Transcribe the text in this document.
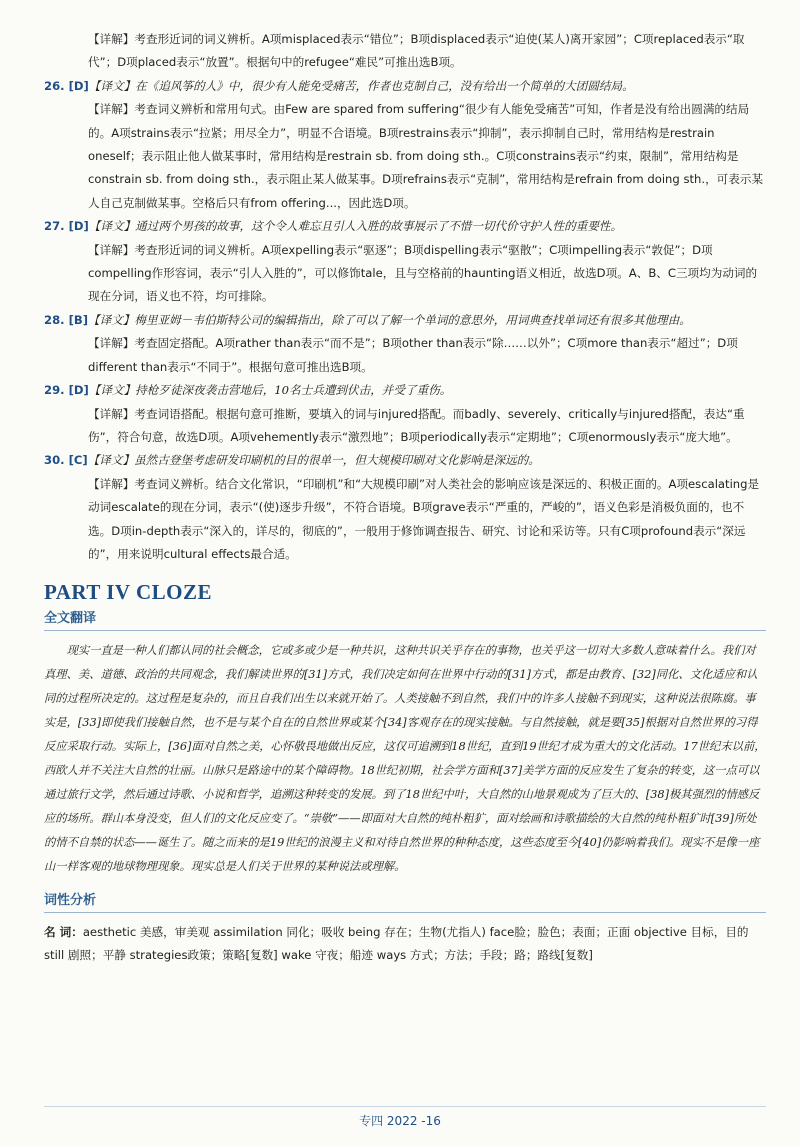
【详解】考查形近词的词义辨析。A项misplaced表示“错位”；B项displaced表示“迫使(某人)离开家园”；C项replaced表示“取代”；D项placed表示“放置”。根据句中的refugee“难民”可推出选B项。

26. [D]【译文】在《追风筝的人》中，很少有人能免受痛苦，作者也克制自己，没有给出一个简单的大团圆结局。

【详解】考查词义辨析和常用句式。由Few are spared from suffering“很少有人能免受痛苦”可知，作者是没有给出圆满的结局的。A项strains表示“拉紧；用尽全力”，明显不合语境。B项restrains表示“抑制”，表示抑制自己时，常用结构是restrain oneself；表示阻止他人做某事时，常用结构是restrain sb. from doing sth.。C项constrains表示“约束，限制”，常用结构是constrain sb. from doing sth.，表示阻止某人做某事。D项refrains表示“克制”，常用结构是refrain from doing sth.，可表示某人自己克制做某事。空格后只有from offering...，因此选D项。

27. [D]【译文】通过两个男孩的故事，这个令人难忘且引人入胜的故事展示了不惜一切代价守护人性的重要性。

【详解】考查形近词的词义辨析。A项expelling表示“驱逐”；B项dispelling表示“驱散”；C项impelling表示“敦促”；D项compelling作形容词，表示“引人入胜的”，可以修饰tale，且与空格前的haunting语义相近，故选D项。A、B、C三项均为动词的现在分词，语义也不符，均可排除。

28. [B]【译文】梅里亚姆－韦伯斯特公司的编辑指出，除了可以了解一个单词的意思外，用词典查找单词还有很多其他理由。

【详解】考查固定搭配。A项rather than表示“而不是”；B项other than表示“除……以外”；C项more than表示“超过”；D项different than表示“不同于”。根据句意可推出选B项。

29. [D]【译文】持枪歹徒深夜袭击营地后，10名士兵遭到伏击，并受了重伤。

【详解】考查词语搭配。根据句意可推断，要填入的词与injured搭配。而badly、severely、critically与injured搭配，表达“重伤”，符合句意，故选D项。A项vehemently表示“激烈地”；B项periodically表示“定期地”；C项enormously表示“庞大地”。

30. [C]【译文】虽然古登堡考虑研发印刷机的目的很单一，但大规模印刷对文化影响是深远的。

【详解】考查词义辨析。结合文化常识，“印刷机”和“大规模印刷”对人类社会的影响应该是深远的、积极正面的。A项escalating是动词escalate的现在分词，表示“(使)逐步升级”，不符合语境。B项grave表示“严重的，严峻的”，语义色彩是消极负面的，也不选。D项in-depth表示“深入的，详尽的，彻底的”，一般用于修饰调查报告、研究、讨论和采访等。只有C项profound表示“深远的”，用来说明cultural effects最合适。

PART IV CLOZE
全文翻译

现实一直是一种人们都认同的社会概念，它或多或少是一种共识，这种共识关乎存在的事物，也关乎这一切对大多数人意味着什么。我们对真理、美、道德、政治的共同观念，我们解读世界的[31]方式，我们决定如何在世界中行动的[31]方式，都是由教育、[32]同化、文化适应和认同的过程所决定的。这过程是复杂的，而且自我们出生以来就开始了。人类接触不到自然，我们中的许多人接触不到现实，这种说法很陈腐。事实是，[33]即使我们接触自然，也不是与某个自在的自然世界或某个[34]客观存在的现实接触。与自然接触，就是要[35]根据对自然世界的习得反应采取行动。实际上，[36]面对自然之美，心怀敬畏地做出反应，这仅可追溯到18世纪，直到19世纪才成为重大的文化活动。17世纪末以前，西欧人并不关注大自然的壮丽。山脉只是路途中的某个障碍物。18世纪初期，社会学方面和[37]美学方面的反应发生了复杂的转变，这一点可以通过旅行文学，然后通过诗歌、小说和哲学，追溯这种转变的发展。到了18世纪中叶，大自然的山地景观成为了巨大的、[38]极其强烈的情感反应的场所。群山本身没变，但人们的文化反应变了。“崇敬”——即面对大自然的纯朴粗犷，面对绘画和诗歌描绘的大自然的纯朴粗犷时[39]所处的情不自禁的状态——诞生了。随之而来的是19世纪的浪漫主义和对待自然世界的种种态度，这些态度至今[40]仍影响着我们。现实不是像一座山一样客观的地球物理现象。现实总是人们关于世界的某种说法或理解。

词性分析

名 词：aesthetic 美感，审美观 assimilation 同化；吸收 being 存在；生物(尤指人) face脸；脸色；表面；正面 objective 目标，目的 still 剧照；平静 strategies政策；策略[复数] wake 守夜；船迹 ways 方式；方法；手段；路；路线[复数]

专四 2022 -16
